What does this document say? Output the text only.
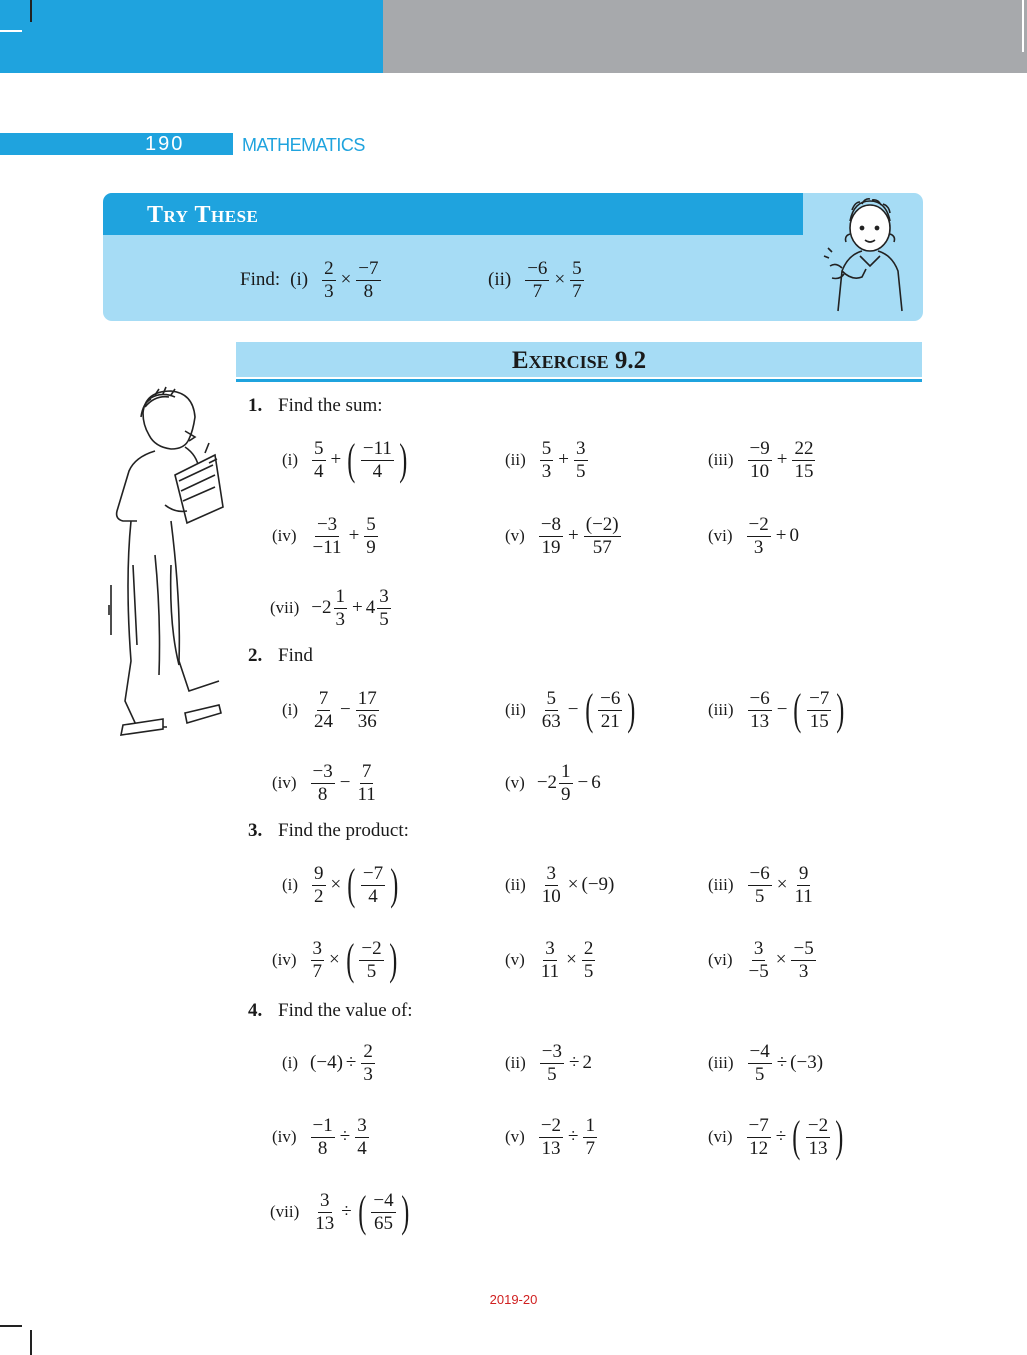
190	MATHEMATICS
Try These
Find: $(i) \frac{2}{3} \times \frac{-7}{8}$	$(ii) \frac{-6}{7} \times \frac{5}{7}$
Exercise 9.2
1. Find the sum:
$(i) \frac{5}{4}$ + ( $\frac{-11}{4}$ )	$(ii) \frac{5}{3} + \frac{3}{5}$	$(iii) \frac{-9}{10} + \frac{22}{15}$
$(iv) \frac{-3}{-11} + \frac{5}{9}$	$(v) \frac{-8}{19} + \frac{(-2)}{57}$	$(vi) \frac{-2}{3} + 0$
$(vii) -2 \frac{1}{3} + 4 \frac{3}{5}$
2. Find
$(i) \frac{7}{24} - \frac{17}{36}$	$(ii) \frac{5}{63}$ − ( $\frac{-6}{21}$ )	$(iii) \frac{-6}{13}$ − ( $\frac{-7}{15}$ )
$(iv) \frac{-3}{8} - \frac{7}{11}$	$(v) -2 \frac{1}{9} - 6$
3. Find the product:
$(i) \frac{9}{2}$ × ( $\frac{-7}{4}$ )	$(ii) \frac{3}{10} \times (-9)$	$(iii) \frac{-6}{5} \times \frac{9}{11}$
$(iv) \frac{3}{7}$ × ( $\frac{-2}{5}$ )	$(v) \frac{3}{11} \times \frac{2}{5}$	$(vi) \frac{3}{-5} \times \frac{-5}{3}$
4. Find the value of:
(i) $(-4) \div \frac{2}{3}$	$(ii) \frac{-3}{5} \div 2$	$(iii) \frac{-4}{5} \div (-3)$
$(iv) \frac{-1}{8} \div \frac{3}{4}$	$(v) \frac{-2}{13} \div \frac{1}{7}$	$(vi) \frac{-7}{12}$ ÷ ( $\frac{-2}{13}$ )
$(vii) \frac{3}{13}$ ÷ ( $\frac{-4}{65}$ )
2019-20
